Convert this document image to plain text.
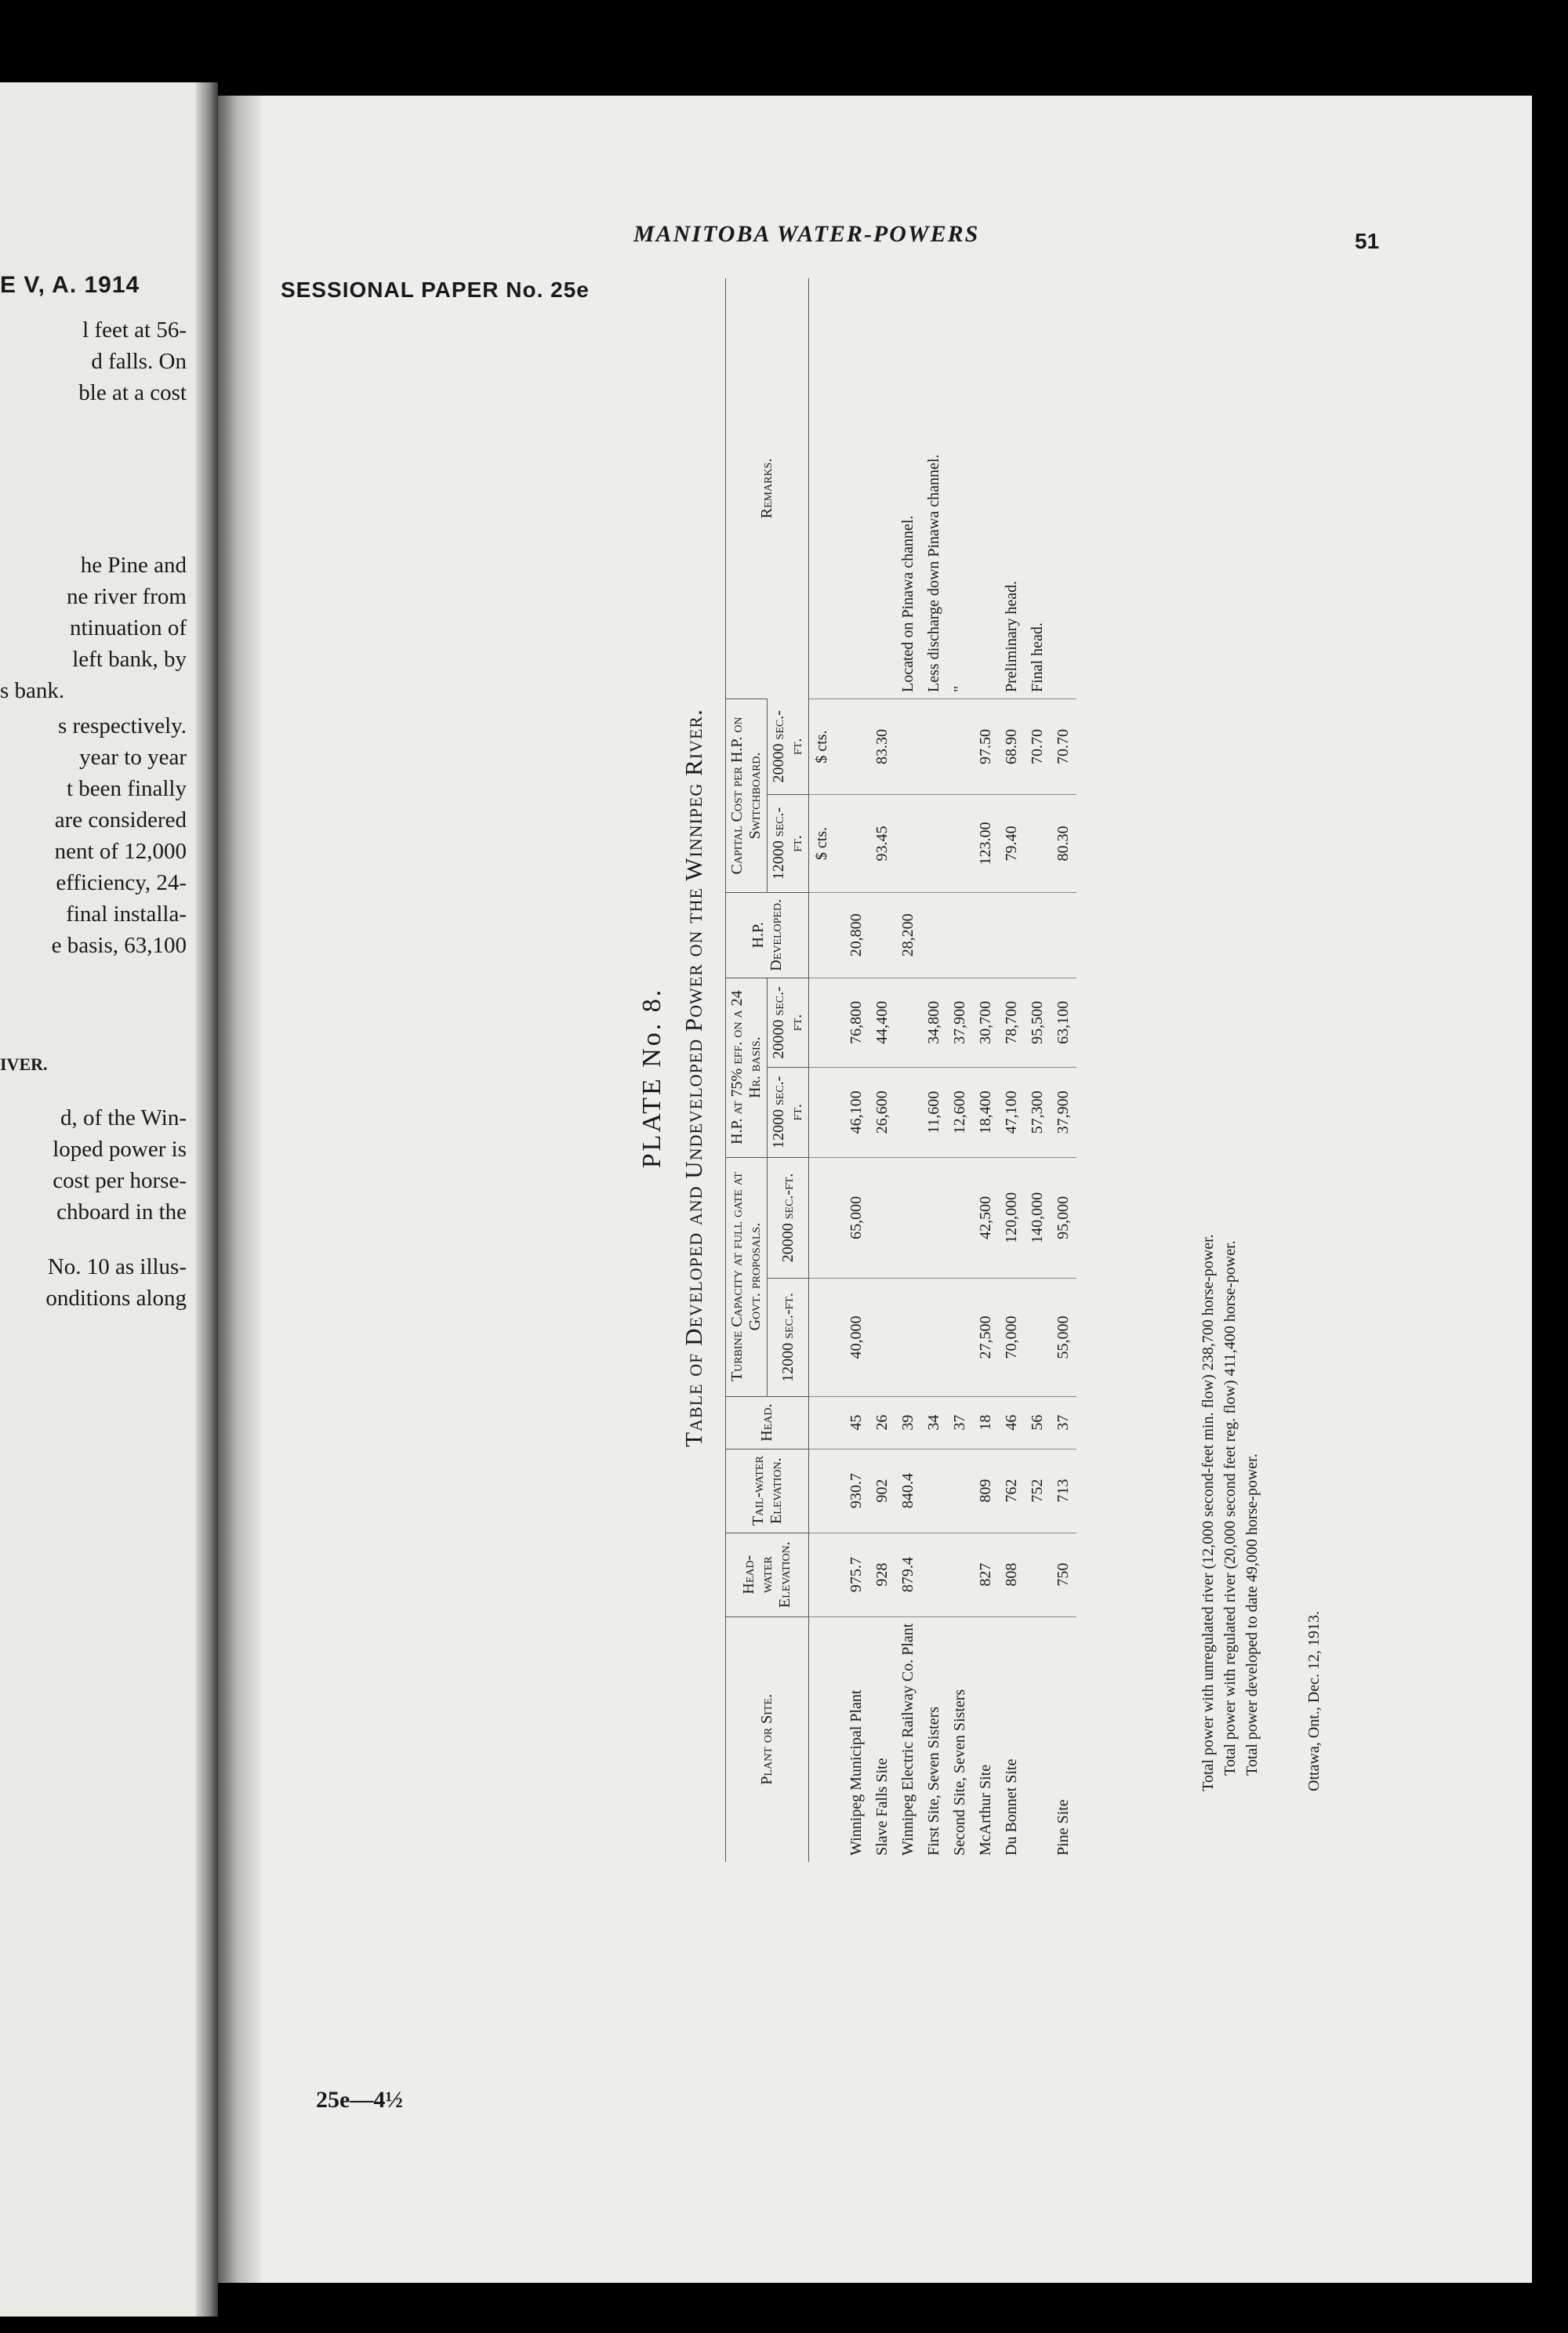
E V, A. 1914
l feet at 56-
d falls. On
ble at a cost
he Pine and
ne river from
ntinuation of
left bank, by
s bank.
s respectively.
year to year
t been finally
are considered
nent of 12,000
efficiency, 24-
final installa-
e basis, 63,100
IVER.
d, of the Win-
loped power is
cost per horse-
chboard in the
No. 10 as illus-
onditions along
MANITOBA WATER-POWERS	51
SESSIONAL PAPER No. 25e
25e—4½
PLATE No. 8. Table of Developed and Undeveloped Power on the Winnipeg River.
Plant or Site.	Head-water Elevation.	Tail-water Elevation.	Head.	Turbine Capacity at full gate at Govt. proposals.		H.P. at 75% eff. on a 24 Hr. basis.		H.P. Developed.	Capital Cost per H.P. on Switchboard.		Remarks.
				12000 sec.-ft.	20000 sec.-ft.	12000 sec.-ft.	20000 sec.-ft.		12000 sec.-ft.	20000 sec.-ft.	
									$ cts.	$ cts.	
Winnipeg Municipal Plant	975.7	930.7	45	40,000	65,000	46,100	76,800	20,800			
Slave Falls Site	928	902	26			26,600	44,400		93.45	83.30	
Winnipeg Electric Railway Co. Plant	879.4	840.4	39					28,200			Located on Pinawa channel.
First Site, Seven Sisters			34			11,600	34,800				Less discharge down Pinawa channel.
Second Site, Seven Sisters			37			12,600	37,900				"
McArthur Site	827	809	18	27,500	42,500	18,400	30,700		123.00	97.50	
Du Bonnet Site	808	762	46	70,000	120,000	47,100	78,700		79.40	68.90	Preliminary head.
		752	56		140,000	57,300	95,500			70.70	Final head.
Pine Site	750	713	37	55,000	95,000	37,900	63,100		80.30	70.70	
Total power with unregulated river (12,000 second-feet min. flow) 238,700 horse-power. Total power with regulated river (20,000 second feet reg. flow) 411,400 horse-power. Total power developed to date 49,000 horse-power.	Ottawa, Ont., Dec. 12, 1913.
